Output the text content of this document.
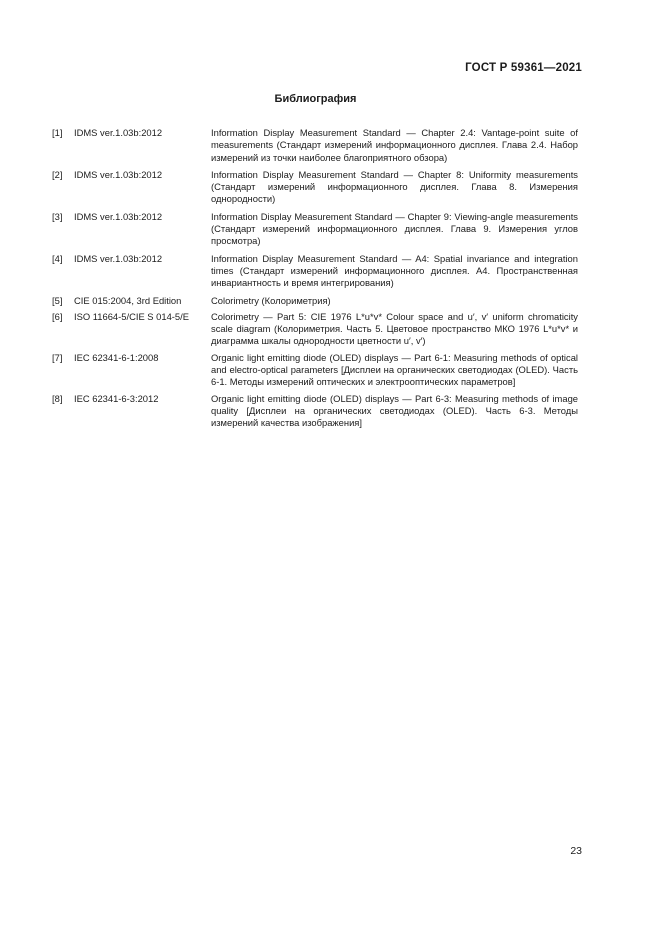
ГОСТ Р 59361—2021
Библиография
[1]	IDMS ver.1.03b:2012	Information Display Measurement Standard — Chapter 2.4: Vantage-point suite of measurements (Стандарт измерений информационного дисплея. Глава 2.4. Набор измерений из точки наиболее благоприятного обзора)
[2]	IDMS ver.1.03b:2012	Information Display Measurement Standard — Chapter 8: Uniformity measurements (Стандарт измерений информационного дисплея. Глава 8. Измерения однородности)
[3]	IDMS ver.1.03b:2012	Information Display Measurement Standard — Chapter 9: Viewing-angle measurements (Стандарт измерений информационного дисплея. Глава 9. Измерения углов просмотра)
[4]	IDMS ver.1.03b:2012	Information Display Measurement Standard — A4: Spatial invariance and integration times (Стандарт измерений информационного дисплея. А4. Пространственная инвариантность и время интегрирования)
[5]	CIE 015:2004, 3rd Edition	Colorimetry (Колориметрия)
[6]	ISO 11664-5/CIE S 014-5/E	Colorimetry — Part 5: CIE 1976 L*u*v* Colour space and u′, v′ uniform chromaticity scale diagram (Колориметрия. Часть 5. Цветовое пространство МКО 1976 L*u*v* и диаграмма шкалы однородности цветности u′, v′)
[7]	IEC 62341-6-1:2008	Organic light emitting diode (OLED) displays — Part 6-1: Measuring methods of optical and electro-optical parameters [Дисплеи на органических светодиодах (OLED). Часть 6-1. Методы измерений оптических и электрооптических параметров]
[8]	IEC 62341-6-3:2012	Organic light emitting diode (OLED) displays — Part 6-3: Measuring methods of image quality [Дисплеи на органических светодиодах (OLED). Часть 6-3. Методы измерений качества изображения]
23
